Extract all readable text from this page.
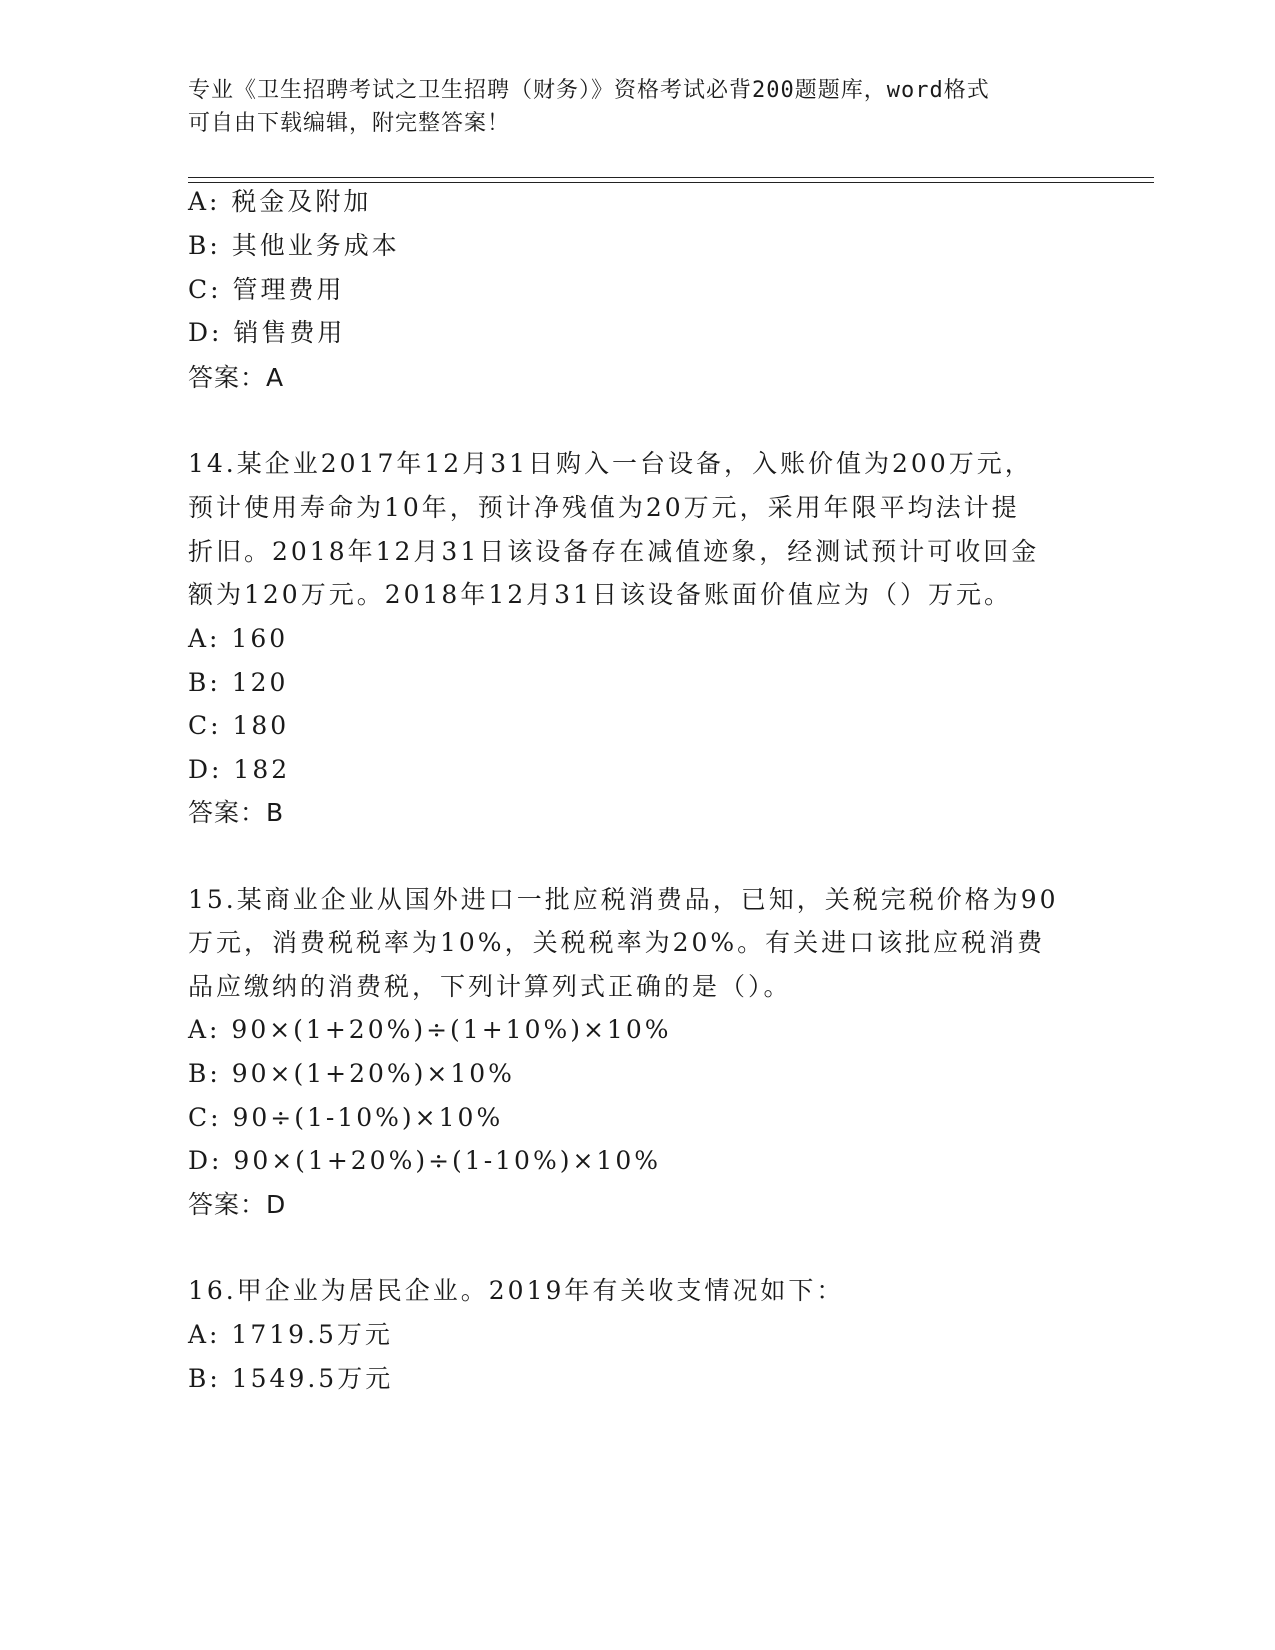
专业《卫生招聘考试之卫生招聘（财务）》资格考试必背200题题库，word格式
可自由下载编辑，附完整答案！
A: 税金及附加
B: 其他业务成本
C: 管理费用
D: 销售费用
答案：A
14.某企业2017年12月31日购入一台设备，入账价值为200万元，
预计使用寿命为10年，预计净残值为20万元，采用年限平均法计提
折旧。2018年12月31日该设备存在减值迹象，经测试预计可收回金
额为120万元。2018年12月31日该设备账面价值应为（）万元。
A: 160
B: 120
C: 180
D: 182
答案：B
15.某商业企业从国外进口一批应税消费品，已知，关税完税价格为90
万元，消费税税率为10%，关税税率为20%。有关进口该批应税消费
品应缴纳的消费税，下列计算列式正确的是（）。
A: 90×(1+20%)÷(1+10%)×10%
B: 90×(1+20%)×10%
C: 90÷(1-10%)×10%
D: 90×(1+20%)÷(1-10%)×10%
答案：D
16.甲企业为居民企业。2019年有关收支情况如下：
A: 1719.5万元
B: 1549.5万元
